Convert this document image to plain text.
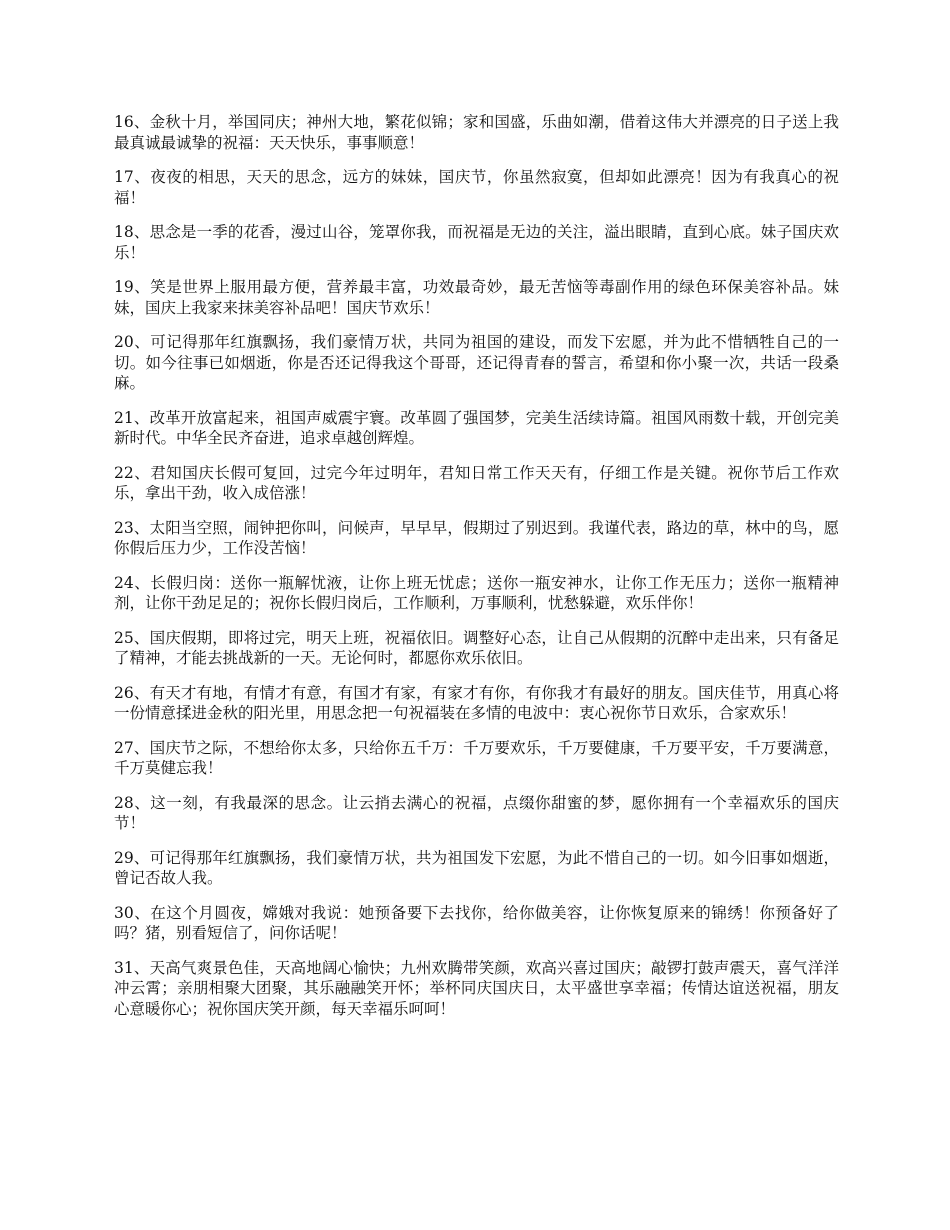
16、金秋十月，举国同庆；神州大地，繁花似锦；家和国盛，乐曲如潮，借着这伟大并漂亮的日子送上我最真诚最诚挚的祝福：天天快乐，事事顺意！

17、夜夜的相思，天天的思念，远方的妹妹，国庆节，你虽然寂寞，但却如此漂亮！因为有我真心的祝福！

18、思念是一季的花香，漫过山谷，笼罩你我，而祝福是无边的关注，溢出眼睛，直到心底。妹子国庆欢乐！

19、笑是世界上服用最方便，营养最丰富，功效最奇妙，最无苦恼等毒副作用的绿色环保美容补品。妹妹，国庆上我家来抹美容补品吧！国庆节欢乐！

20、可记得那年红旗飘扬，我们豪情万状，共同为祖国的建设，而发下宏愿，并为此不惜牺牲自己的一切。如今往事已如烟逝，你是否还记得我这个哥哥，还记得青春的誓言，希望和你小聚一次，共话一段桑麻。

21、改革开放富起来，祖国声威震宇寰。改革圆了强国梦，完美生活续诗篇。祖国风雨数十载，开创完美新时代。中华全民齐奋进，追求卓越创辉煌。

22、君知国庆长假可复回，过完今年过明年，君知日常工作天天有，仔细工作是关键。祝你节后工作欢乐，拿出干劲，收入成倍涨！

23、太阳当空照，闹钟把你叫，问候声，早早早，假期过了别迟到。我谨代表，路边的草，林中的鸟，愿你假后压力少，工作没苦恼！

24、长假归岗：送你一瓶解忧液，让你上班无忧虑；送你一瓶安神水，让你工作无压力；送你一瓶精神剂，让你干劲足足的；祝你长假归岗后，工作顺利，万事顺利，忧愁躲避，欢乐伴你！

25、国庆假期，即将过完，明天上班，祝福依旧。调整好心态，让自己从假期的沉醉中走出来，只有备足了精神，才能去挑战新的一天。无论何时，都愿你欢乐依旧。

26、有天才有地，有情才有意，有国才有家，有家才有你，有你我才有最好的朋友。国庆佳节，用真心将一份情意揉进金秋的阳光里，用思念把一句祝福装在多情的电波中：衷心祝你节日欢乐，合家欢乐！

27、国庆节之际，不想给你太多，只给你五千万：千万要欢乐，千万要健康，千万要平安，千万要满意，千万莫健忘我！

28、这一刻，有我最深的思念。让云捎去满心的祝福，点缀你甜蜜的梦，愿你拥有一个幸福欢乐的国庆节！

29、可记得那年红旗飘扬，我们豪情万状，共为祖国发下宏愿，为此不惜自己的一切。如今旧事如烟逝，曾记否故人我。

30、在这个月圆夜，嫦娥对我说：她预备要下去找你，给你做美容，让你恢复原来的锦绣！你预备好了吗？猪，别看短信了，问你话呢！

31、天高气爽景色佳，天高地阔心愉快；九州欢腾带笑颜，欢高兴喜过国庆；敲锣打鼓声震天，喜气洋洋冲云霄；亲朋相聚大团聚，其乐融融笑开怀；举杯同庆国庆日，太平盛世享幸福；传情达谊送祝福，朋友心意暖你心；祝你国庆笑开颜，每天幸福乐呵呵！
